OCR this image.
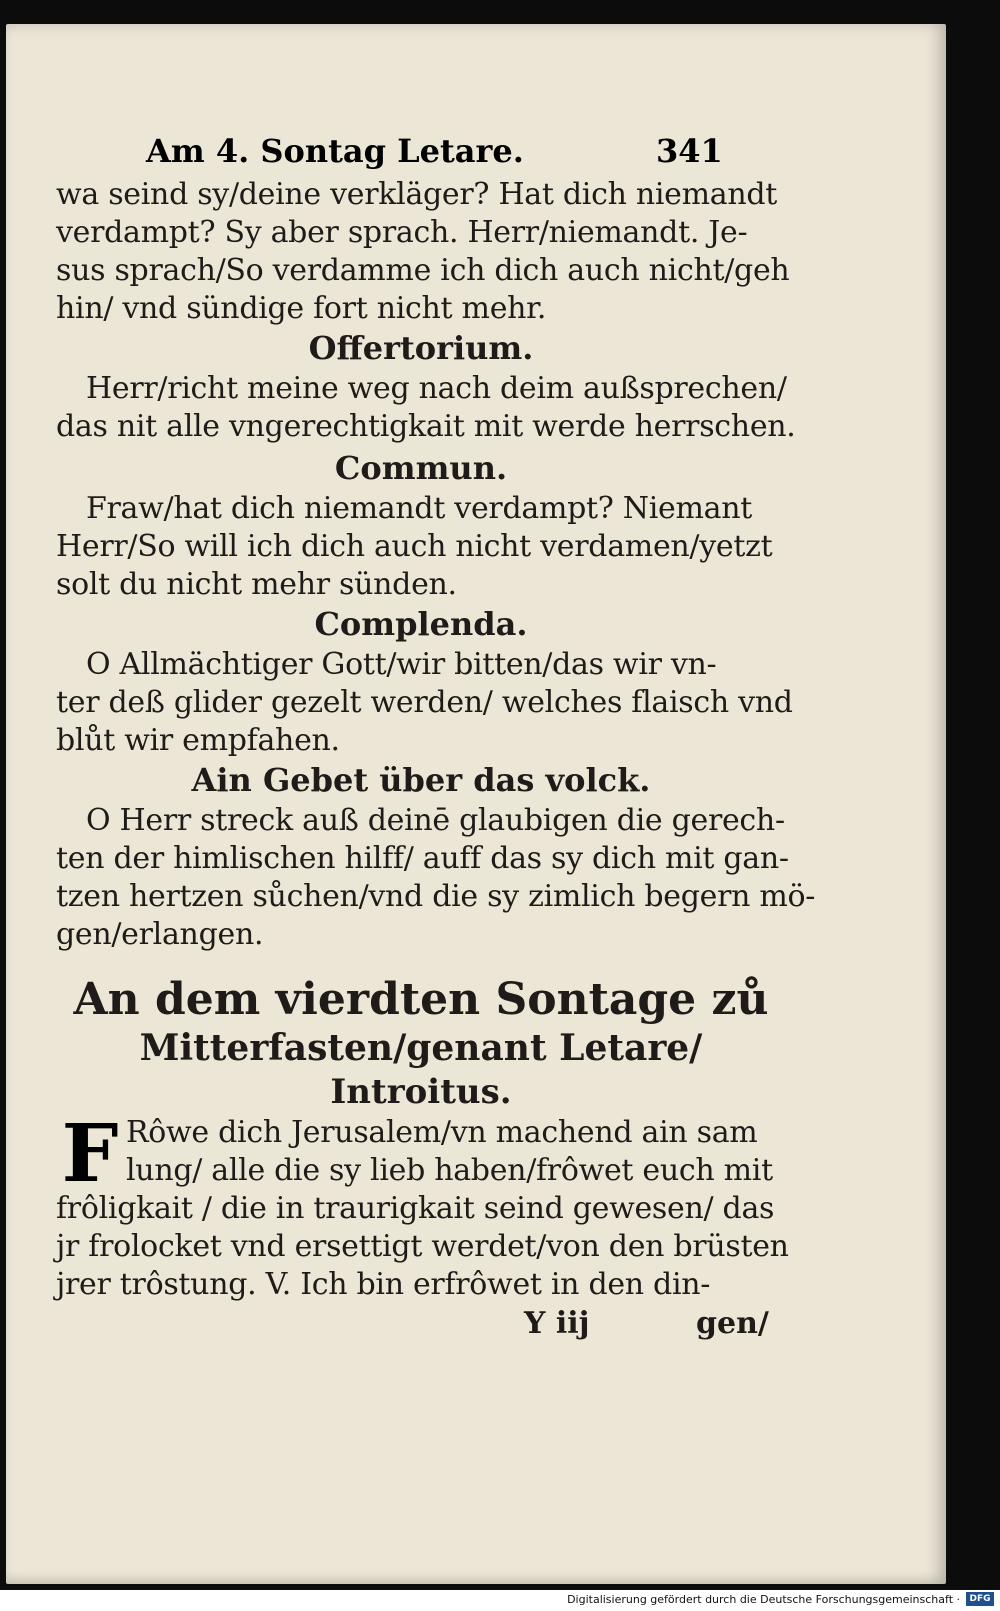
Am 4. Sontag Letare.	341
wa seind sy/deine verkläger? Hat dich niemandt
verdampt? Sy aber sprach. Herr/niemandt. Je-
sus sprach/So verdamme ich dich auch nicht/geh
hin/ vnd sündige fort nicht mehr.
Offertorium.
Herr/richt meine weg nach deim außsprechen/
das nit alle vngerechtigkait mit werde herrschen.
Commun.
Fraw/hat dich niemandt verdampt? Niemant
Herr/So will ich dich auch nicht verdamen/yetzt
solt du nicht mehr sünden.
Complenda.
O Allmächtiger Gott/wir bitten/das wir vn-
ter deß glider gezelt werden/ welches flaisch vnd
blůt wir empfahen.
Ain Gebet über das volck.
O Herr streck auß deinē glaubigen die gerech-
ten der himlischen hilff/ auff das sy dich mit gan-
tzen hertzen sůchen/vnd die sy zimlich begern mö-
gen/erlangen.
An dem vierdten Sontage zů
Mitterfasten/genant Letare/
Introitus.
Rôwe dich Jerusalem/vn machend ain sam
lung/ alle die sy lieb haben/frôwet euch mit
frôligkait / die in traurigkait seind gewesen/ das
jr frolocket vnd ersettigt werdet/von den brüsten
jrer trôstung. V. Ich bin erfrôwet in den din-
Y iij	gen/
F
Digitalisierung gefördert durch die Deutsche Forschungsgemeinschaft ·	DFG
